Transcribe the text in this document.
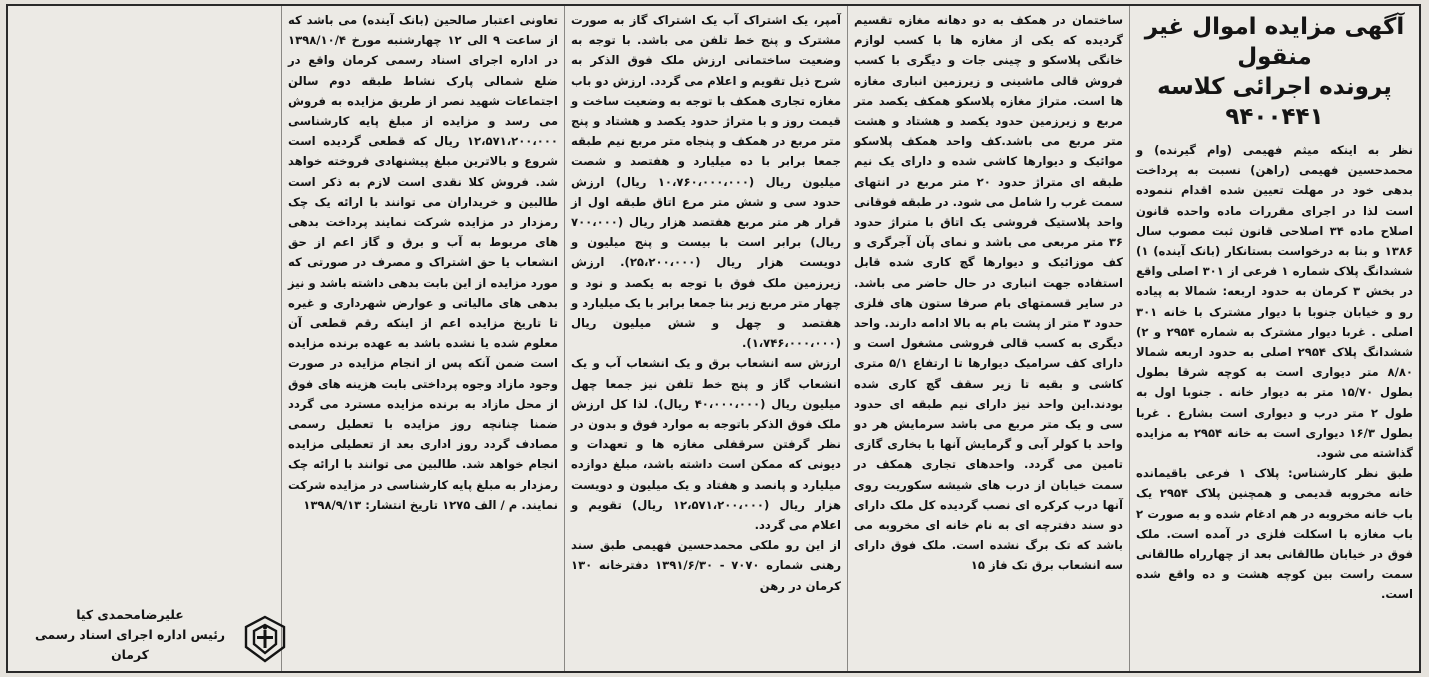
آگهی مزایده اموال غیر منقول
پرونده اجرائی کلاسه ۹۴۰۰۴۴۱

نظر به اینکه میثم فهیمی (وام گیرنده) و محمدحسین فهیمی (راهن) نسبت به پرداخت بدهی خود در مهلت تعیین شده اقدام ننموده است لذا در اجرای مقررات ماده واحده قانون اصلاح ماده ۳۴ اصلاحی قانون ثبت مصوب سال ۱۳۸۶ و بنا به درخواست بستانکار (بانک آینده) ۱) ششدانگ پلاک شماره ۱ فرعی از ۳۰۱ اصلی واقع در بخش ۳ کرمان به حدود اربعه: شمالا به پیاده رو و خیابان جنوبا با دیوار مشترک با خانه ۳۰۱ اصلی . غربا دیوار مشترک به شماره ۲۹۵۴ و ۲) ششدانگ پلاک ۲۹۵۴ اصلی به حدود اربعه شمالا ۸/۸۰ متر دیواری است به کوچه شرقا بطول بطول ۱۵/۷۰ متر به دیوار خانه . جنوبا اول به طول ۲ متر درب و دیواری است بشارع . غربا بطول ۱۶/۳ دیواری است به خانه ۲۹۵۴ به مزایده گذاشته می شود.

طبق نظر کارشناس: پلاک ۱ فرعی باقیمانده خانه مخروبه قدیمی و همچنین پلاک ۲۹۵۴ یک باب خانه مخروبه در هم ادغام شده و به صورت ۲ باب مغازه با اسکلت فلزی در آمده است. ملک فوق در خیابان طالقانی بعد از چهارراه طالقانی سمت راست بین کوچه هشت و ده واقع شده است.

ساختمان در همکف به دو دهانه مغازه تقسیم گردیده که یکی از مغازه ها با کسب لوازم خانگی پلاسکو و چینی جات و دیگری با کسب فروش قالی ماشینی و زیرزمین انباری مغازه ها است. متراژ مغازه پلاسکو همکف یکصد متر مربع و زیرزمین حدود یکصد و هشتاد و هشت متر مربع می باشد.کف واحد همکف پلاسکو موائیک و دیوارها کاشی شده و دارای یک نیم طبقه ای متراژ حدود ۲۰ متر مربع در انتهای سمت غرب را شامل می شود. در طبقه فوقانی واحد پلاستیک فروشی یک اتاق با متراژ حدود ۳۶ متر مربعی می باشد و نمای پآن آجرگری و کف موزائیک و دیوارها گچ کاری شده قابل استفاده جهت انباری در حال حاضر می باشد. در سایر قسمتهای بام صرفا ستون های فلزی حدود ۳ متر از پشت بام به بالا ادامه دارند. واحد دیگری به کسب قالی فروشی مشغول است و دارای کف سرامیک دیوارها تا ارتفاع ۵/۱ متری کاشی و بقیه تا زیر سقف گچ کاری شده بودند.این واحد نیز دارای نیم طبقه ای حدود سی و یک متر مربع می باشد سرمایش هر دو واحد با کولر آبی و گرمایش آنها با بخاری گازی تامین می گردد. واحدهای تجاری همکف در سمت خیابان از درب های شیشه سکوریت روی آنها درب کرکره ای نصب گردیده کل ملک دارای دو سند دفترچه ای به نام خانه ای مخروبه می باشد که تک برگ نشده است. ملک فوق دارای سه انشعاب برق تک فاز ۱۵

آمپر، یک اشتراک آب یک اشتراک گاز به صورت مشترک و پنج خط تلفن می باشد. با توجه به وضعیت ساختمانی ارزش ملک فوق الذکر به شرح ذیل تقویم و اعلام می گردد. ارزش دو باب مغازه تجاری همکف با توجه به وضعیت ساخت و قیمت روز و با متراژ حدود یکصد و هشتاد و پنج متر مربع در همکف و پنجاه متر مربع نیم طبقه جمعا برابر با ده میلیارد و هفتصد و شصت میلیون ریال (۱۰،۷۶۰،۰۰۰،۰۰۰ ریال) ارزش حدود سی و شش متر مرع اتاق طبقه اول از قرار هر متر مربع هفتصد هزار ریال (۷۰۰،۰۰۰ ریال) برابر است با بیست و پنج میلیون و دویست هزار ریال (۲۵،۲۰۰،۰۰۰). ارزش زیرزمین ملک فوق با توجه به یکصد و نود و چهار متر مربع زیر بنا جمعا برابر با یک میلیارد و هفتصد و چهل و شش میلیون ریال (۱،۷۴۶،۰۰۰،۰۰۰).

ارزش سه انشعاب برق و یک انشعاب آب و یک انشعاب گاز و پنج خط تلفن نیز جمعا چهل میلیون ریال (۴۰،۰۰۰،۰۰۰ ریال). لذا کل ارزش ملک فوق الذکر باتوجه به موارد فوق و بدون در نظر گرفتن سرقفلی مغازه ها و تعهدات و دیونی که ممکن است داشته باشد، مبلغ دوازده میلیارد و پانصد و هفتاد و یک میلیون و دویست هزار ریال (۱۲،۵۷۱،۲۰۰،۰۰۰ ریال) تقویم و اعلام می گردد.

از این رو ملکی محمدحسین فهیمی طبق سند رهنی شماره ۷۰۷۰ - ۱۳۹۱/۶/۳۰ دفترخانه ۱۳۰ کرمان در رهن

تعاونی اعتبار صالحین (بانک آینده) می باشد که از ساعت ۹ الی ۱۲ چهارشنبه مورخ ۱۳۹۸/۱۰/۴ در اداره اجرای اسناد رسمی کرمان واقع در ضلع شمالی پارک نشاط طبقه دوم سالن اجتماعات شهید نصر از طریق مزایده به فروش می رسد و مزایده از مبلغ پایه کارشناسی ۱۲،۵۷۱،۲۰۰،۰۰۰ ریال که قطعی گردیده است شروع و بالاترین مبلغ پیشنهادی فروخته خواهد شد. فروش کلا نقدی است لازم به ذکر است طالبین و خریداران می توانند با ارائه یک چک رمزدار در مزایده شرکت نمایند پرداخت بدهی های مربوط به آب و برق و گاز اعم از حق انشعاب یا حق اشتراک و مصرف در صورتی که مورد مزایده از این بابت بدهی داشته باشد و نیز بدهی های مالیاتی و عوارض شهرداری و غیره تا تاریخ مزایده اعم از اینکه رقم قطعی آن معلوم شده یا نشده باشد به عهده برنده مزایده است ضمن آنکه پس از انجام مزایده در صورت وجود مازاد وجوه پرداختی بابت هزینه های فوق از محل مازاد به برنده مزایده مسترد می گردد ضمنا چنانچه روز مزایده با تعطیل رسمی مصادف گردد روز اداری بعد از تعطیلی مزایده انجام خواهد شد. طالبین می توانند با ارائه چک رمزدار به مبلغ پایه کارشناسی در مزایده شرکت نمایند. م / الف ۱۲۷۵ تاریخ انتشار: ۱۳۹۸/۹/۱۳

علیرضامحمدی کیا
رئیس اداره اجرای اسناد رسمی کرمان
